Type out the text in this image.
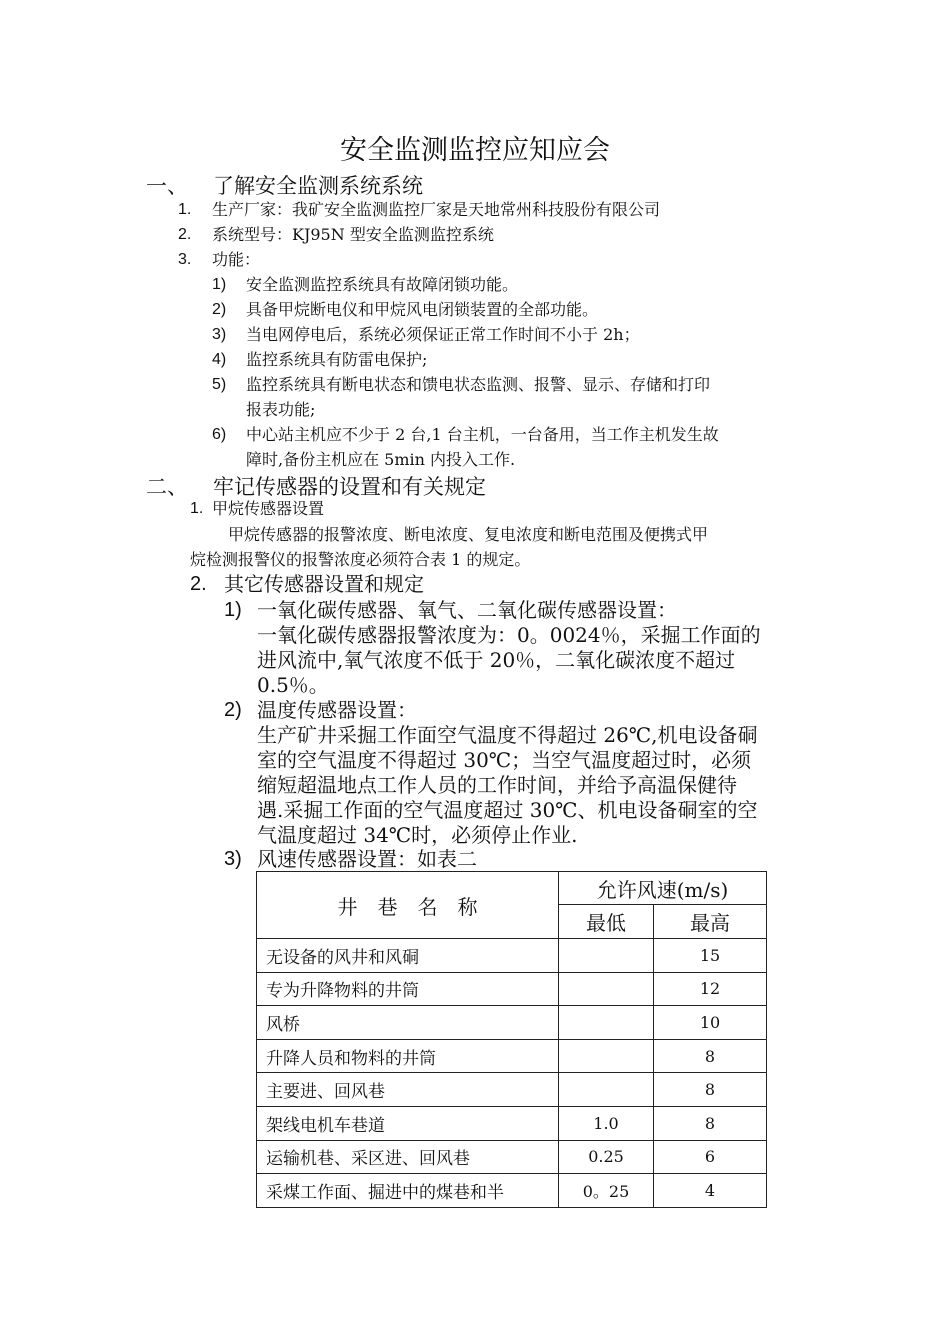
安全监测监控应知应会
一、 了解安全监测系统系统
1. 生产厂家：我矿安全监测监控厂家是天地常州科技股份有限公司
2. 系统型号：KJ95N 型安全监测监控系统
3. 功能：
1) 安全监测监控系统具有故障闭锁功能。
2) 具备甲烷断电仪和甲烷风电闭锁装置的全部功能。
3) 当电网停电后，系统必须保证正常工作时间不小于 2h；
4) 监控系统具有防雷电保护;
5) 监控系统具有断电状态和馈电状态监测、报警、显示、存储和打印
报表功能;
6) 中心站主机应不少于 2 台,1 台主机，一台备用，当工作主机发生故
障时,备份主机应在 5min 内投入工作.
二、 牢记传感器的设置和有关规定
1. 甲烷传感器设置
甲烷传感器的报警浓度、断电浓度、复电浓度和断电范围及便携式甲
烷检测报警仪的报警浓度必须符合表 1 的规定。
2. 其它传感器设置和规定
1) 一氧化碳传感器、氧气、二氧化碳传感器设置：
一氧化碳传感器报警浓度为：0。0024％，采掘工作面的
进风流中,氧气浓度不低于 20％，二氧化碳浓度不超过
0.5％。
2) 温度传感器设置：
生产矿井采掘工作面空气温度不得超过 26℃,机电设备硐
室的空气温度不得超过 30℃；当空气温度超过时，必须
缩短超温地点工作人员的工作时间，并给予高温保健待
遇.采掘工作面的空气温度超过 30℃、机电设备硐室的空
气温度超过 34℃时，必须停止作业.
3) 风速传感器设置：如表二
井　巷　名　称	允许风速(m/s)	
	最低	最高
无设备的风井和风硐		15
专为升降物料的井筒		12
风桥		10
升降人员和物料的井筒		8
主要进、回风巷		8
架线电机车巷道	1.0	8
运输机巷、采区进、回风巷	0.25	6
采煤工作面、掘进中的煤巷和半	0。25	4
